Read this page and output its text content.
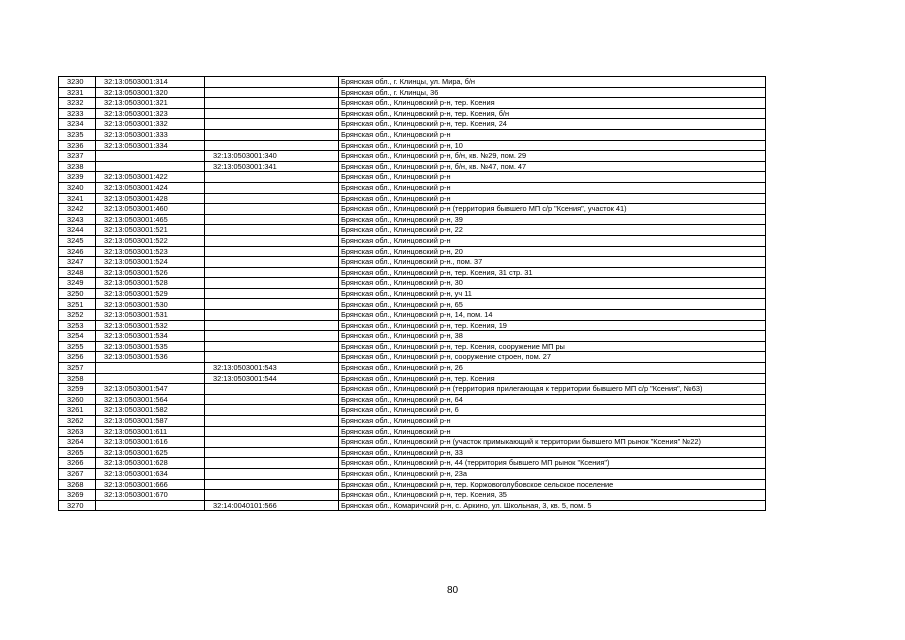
3230	32:13:0503001:314		Брянская обл., г. Клинцы, ул. Мира, б/н
3231	32:13:0503001:320		Брянская обл., г. Клинцы, 36
3232	32:13:0503001:321		Брянская обл., Клинцовский р-н, тер. Ксения
3233	32:13:0503001:323		Брянская обл., Клинцовский р-н, тер. Ксения, б/н
3234	32:13:0503001:332		Брянская обл., Клинцовский р-н, тер. Ксения, 24
3235	32:13:0503001:333		Брянская обл., Клинцовский р-н
3236	32:13:0503001:334		Брянская обл., Клинцовский р-н, 10
3237		32:13:0503001:340	Брянская обл., Клинцовский р-н, б/н, кв. №29, пом. 29
3238		32:13:0503001:341	Брянская обл., Клинцовский р-н, б/н, кв. №47, пом. 47
3239	32:13:0503001:422		Брянская обл., Клинцовский р-н
3240	32:13:0503001:424		Брянская обл., Клинцовский р-н
3241	32:13:0503001:428		Брянская обл., Клинцовский р-н
3242	32:13:0503001:460		Брянская обл., Клинцовский р-н (территория бывшего МП с/р "Ксения", участок 41)
3243	32:13:0503001:465		Брянская обл., Клинцовский р-н, 39
3244	32:13:0503001:521		Брянская обл., Клинцовский р-н, 22
3245	32:13:0503001:522		Брянская обл., Клинцовский р-н
3246	32:13:0503001:523		Брянская обл., Клинцовский р-н, 20
3247	32:13:0503001:524		Брянская обл., Клинцовский р-н., пом. 37
3248	32:13:0503001:526		Брянская обл., Клинцовский р-н, тер. Ксения, 31 стр. 31
3249	32:13:0503001:528		Брянская обл., Клинцовский р-н, 30
3250	32:13:0503001:529		Брянская обл., Клинцовский р-н, уч 11
3251	32:13:0503001:530		Брянская обл., Клинцовский р-н, 65
3252	32:13:0503001:531		Брянская обл., Клинцовский р-н, 14, пом. 14
3253	32:13:0503001:532		Брянская обл., Клинцовский р-н, тер. Ксения, 19
3254	32:13:0503001:534		Брянская обл., Клинцовский р-н, 38
3255	32:13:0503001:535		Брянская обл., Клинцовский р-н, тер. Ксения, сооружение МП ры
3256	32:13:0503001:536		Брянская обл., Клинцовский р-н, сооружение строен, пом. 27
3257		32:13:0503001:543	Брянская обл., Клинцовский р-н, 26
3258		32:13:0503001:544	Брянская обл., Клинцовский р-н, тер. Ксения
3259	32:13:0503001:547		Брянская обл., Клинцовский р-н (территория прилегающая к территории бывшего МП с/р "Ксения", №63)
3260	32:13:0503001:564		Брянская обл., Клинцовский р-н, 64
3261	32:13:0503001:582		Брянская обл., Клинцовский р-н, 6
3262	32:13:0503001:587		Брянская обл., Клинцовский р-н
3263	32:13:0503001:611		Брянская обл., Клинцовский р-н
3264	32:13:0503001:616		Брянская обл., Клинцовский р-н (участок примыкающий к территории бывшего МП рынок "Ксения" №22)
3265	32:13:0503001:625		Брянская обл., Клинцовский р-н, 33
3266	32:13:0503001:628		Брянская обл., Клинцовский р-н, 44 (территория бывшего МП рынок "Ксения")
3267	32:13:0503001:634		Брянская обл., Клинцовский р-н, 23а
3268	32:13:0503001:666		Брянская обл., Клинцовский р-н, тер. Коржовоголубовское сельское поселение
3269	32:13:0503001:670		Брянская обл., Клинцовский р-н, тер. Ксения, 35
3270		32:14:0040101:566	Брянская обл., Комаричский р-н, с. Аркино, ул. Школьная, 3, кв. 5, пом. 5
80
